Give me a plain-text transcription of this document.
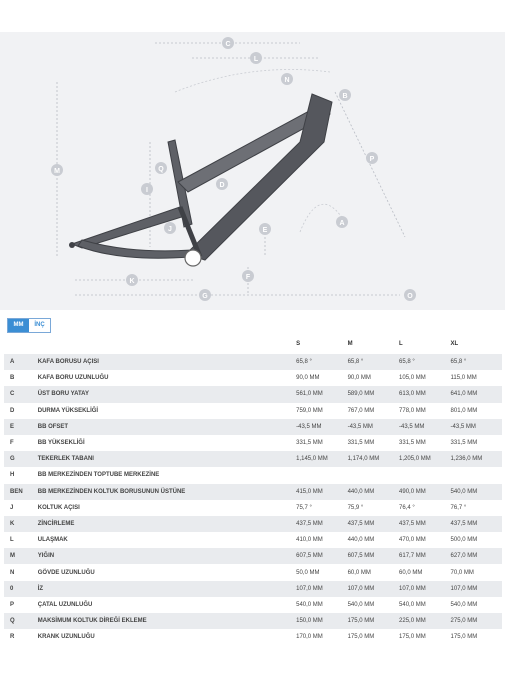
C
L
B
N
M
P
Q
D
I
A
J	E
K
F
G	O
MM	İNÇ
		S	M	L	XL
A	KAFA BORUSU AÇISI	65,8 °	65,8 °	65,8 °	65,8 °
B	KAFA BORU UZUNLUĞU	90,0 MM	90,0 MM	105,0 MM	115,0 MM
C	ÜST BORU YATAY	561,0 MM	589,0 MM	613,0 MM	641,0 MM
D	DURMA YÜKSEKLİĞİ	759,0 MM	767,0 MM	778,0 MM	801,0 MM
E	BB OFSET	-43,5 MM	-43,5 MM	-43,5 MM	-43,5 MM
F	BB YÜKSEKLİĞİ	331,5 MM	331,5 MM	331,5 MM	331,5 MM
G	TEKERLEK TABANI	1,145,0 MM	1,174,0 MM	1,205,0 MM	1,236,0 MM
H	BB MERKEZİNDEN TOPTUBE MERKEZİNE				
BEN	BB MERKEZİNDEN KOLTUK BORUSUNUN ÜSTÜNE	415,0 MM	440,0 MM	490,0 MM	540,0 MM
J	KOLTUK AÇISI	75,7 °	75,9 °	76,4 °	76,7 °
K	ZİNCİRLEME	437,5 MM	437,5 MM	437,5 MM	437,5 MM
L	ULAŞMAK	410,0 MM	440,0 MM	470,0 MM	500,0 MM
M	YIĞIN	607,5 MM	607,5 MM	617,7 MM	627,0 MM
N	GÖVDE UZUNLUĞU	50,0 MM	60,0 MM	60,0 MM	70,0 MM
0	İZ	107,0 MM	107,0 MM	107,0 MM	107,0 MM
P	ÇATAL UZUNLUĞU	540,0 MM	540,0 MM	540,0 MM	540,0 MM
Q	MAKSİMUM KOLTUK DİREĞİ EKLEME	150,0 MM	175,0 MM	225,0 MM	275,0 MM
R	KRANK UZUNLUĞU	170,0 MM	175,0 MM	175,0 MM	175,0 MM
